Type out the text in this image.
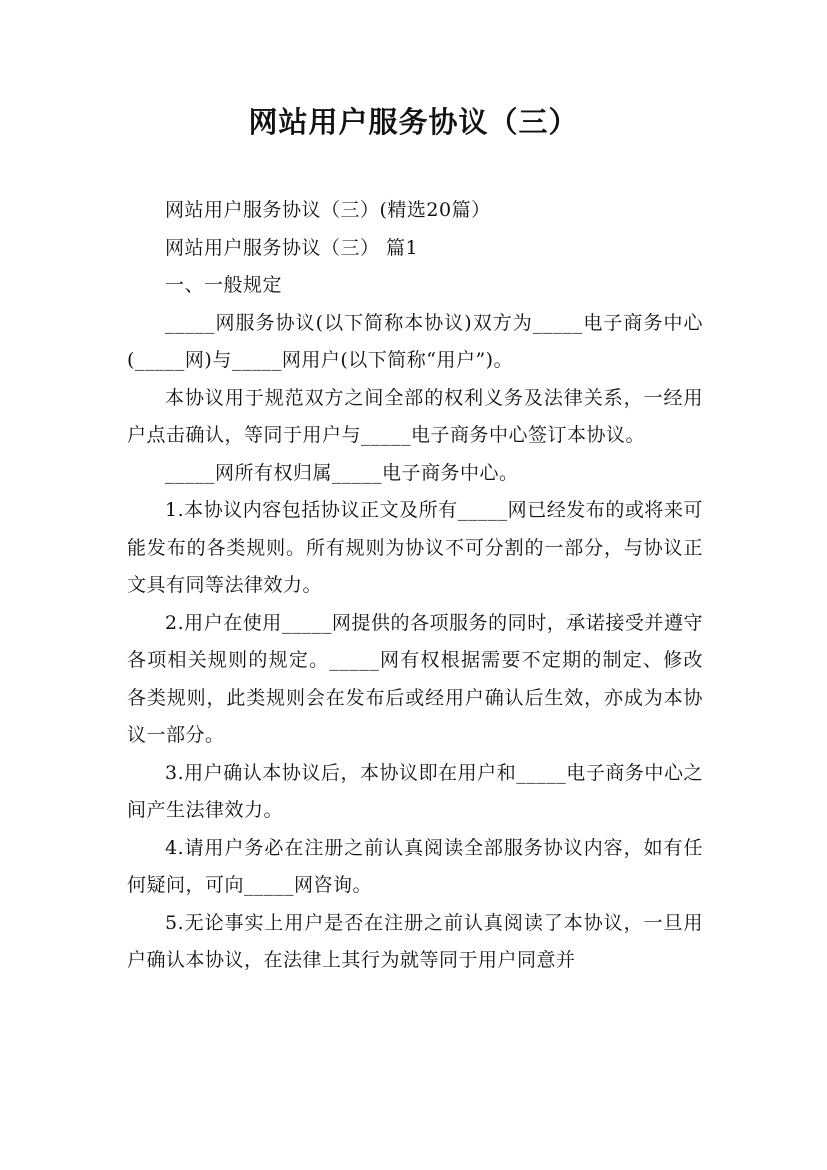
网站用户服务协议（三）

网站用户服务协议（三）(精选20篇）

网站用户服务协议（三） 篇1

一、一般规定

_____网服务协议(以下简称本协议)双方为_____电子商务中心(_____网)与_____网用户(以下简称“用户”)。

本协议用于规范双方之间全部的权利义务及法律关系，一经用户点击确认，等同于用户与_____电子商务中心签订本协议。

_____网所有权归属_____电子商务中心。

1.本协议内容包括协议正文及所有_____网已经发布的或将来可能发布的各类规则。所有规则为协议不可分割的一部分，与协议正文具有同等法律效力。

2.用户在使用_____网提供的各项服务的同时，承诺接受并遵守各项相关规则的规定。_____网有权根据需要不定期的制定、修改各类规则，此类规则会在发布后或经用户确认后生效，亦成为本协议一部分。

3.用户确认本协议后，本协议即在用户和_____电子商务中心之间产生法律效力。

4.请用户务必在注册之前认真阅读全部服务协议内容，如有任何疑问，可向_____网咨询。

5.无论事实上用户是否在注册之前认真阅读了本协议，一旦用户确认本协议，在法律上其行为就等同于用户同意并
